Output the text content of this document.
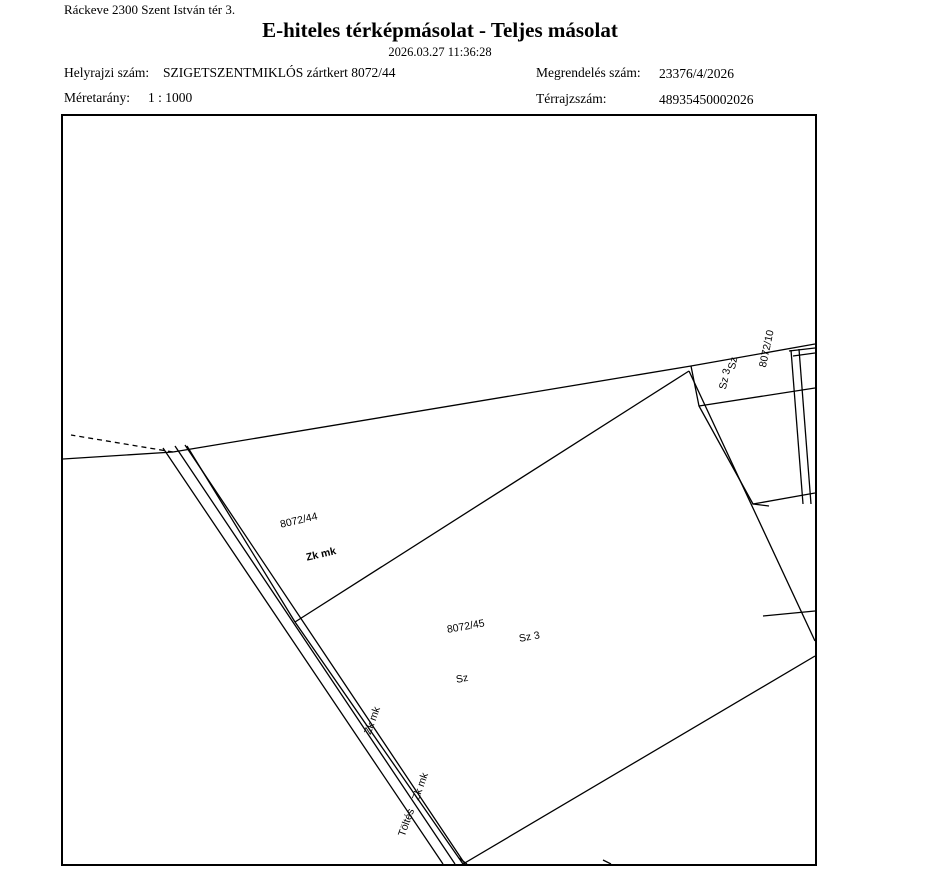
Ráckeve 2300 Szent István tér 3.
E-hiteles térképmásolat - Teljes másolat
2026.03.27 11:36:28
Helyrajzi szám: SZIGETSZENTMIKLÓS zártkert 8072/44
Méretarány: 1 : 1000
Megrendelés szám: 23376/4/2026
Térrajzszám:	48935450002026
8072/44
Zk mk
8072/45
Sz 3
Sz
8072/10
Sz
Sz 3
Zk mk
Zk mk
Töltés
